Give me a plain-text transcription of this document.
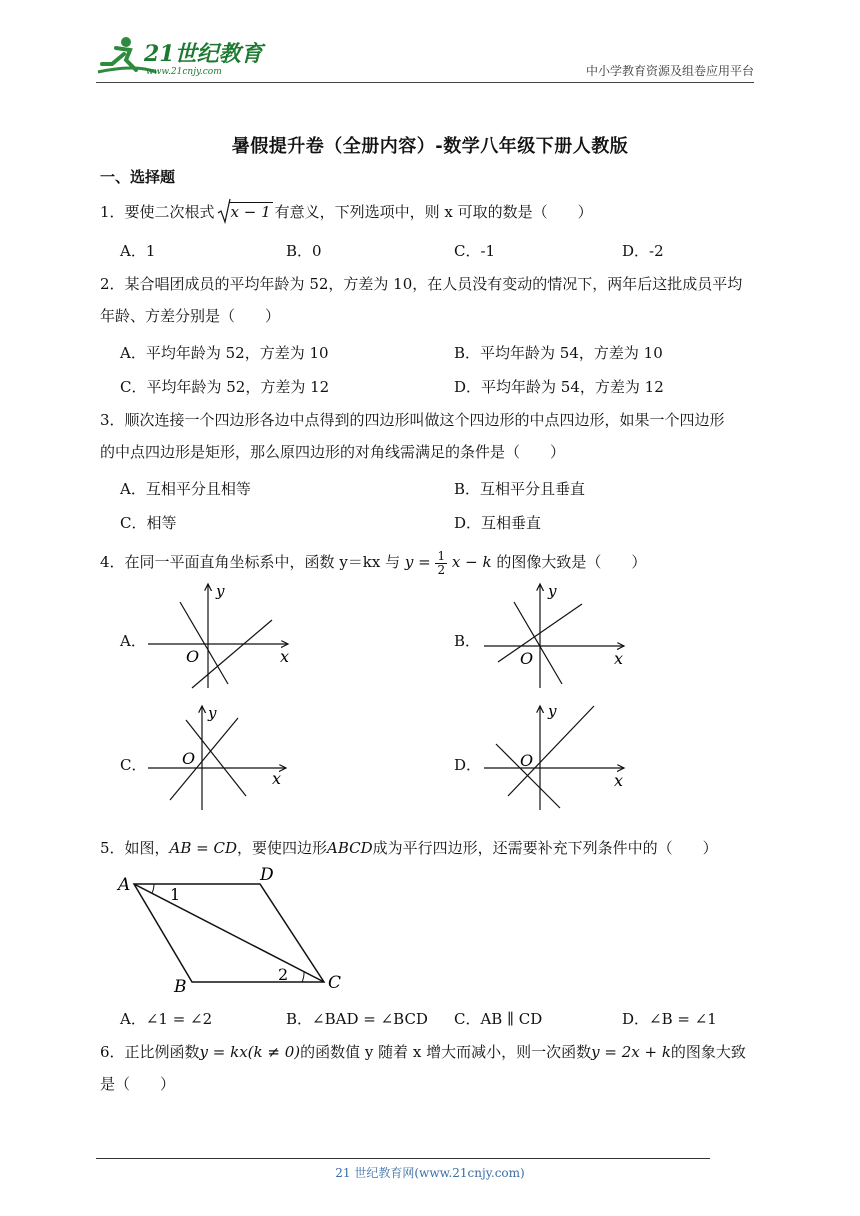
21世纪教育
www.21cnjy.com	中小学教育资源及组卷应用平台
暑假提升卷（全册内容）-数学八年级下册人教版
一、选择题
1．要使二次根式 x − 1 有意义，下列选项中，则 x 可取的数是（　　）
A．1	B．0	C．-1	D．-2
2．某合唱团成员的平均年龄为 52，方差为 10，在人员没有变动的情况下，两年后这批成员平均
年龄、方差分别是（　　）
A．平均年龄为 52，方差为 10	B．平均年龄为 54，方差为 10
C．平均年龄为 52，方差为 12	D．平均年龄为 54，方差为 12
3．顺次连接一个四边形各边中点得到的四边形叫做这个四边形的中点四边形，如果一个四边形
的中点四边形是矩形，那么原四边形的对角线需满足的条件是（　　）
A．互相平分且相等	B．互相平分且垂直
C．相等	D．互相垂直
4．在同一平面直角坐标系中，函数 y＝kx 与 $y = \frac{1}{2}$ x − k 的图像大致是（　　）
A．	B．
C．	D．
y
x
O
y
x
O
y
x
O
y
x
O
5．如图，AB = CD，要使四边形ABCD成为平行四边形，还需要补充下列条件中的（　　）
A	D
B	C
1
2
A．∠1 = ∠2	B．∠BAD = ∠BCD C．AB ∥ CD	D．∠B = ∠1
6．正比例函数y = kx(k ≠ 0)的函数值 y 随着 x 增大而减小，则一次函数y = 2x + k的图象大致
是（　　）
21 世纪教育网(www.21cnjy.com)
